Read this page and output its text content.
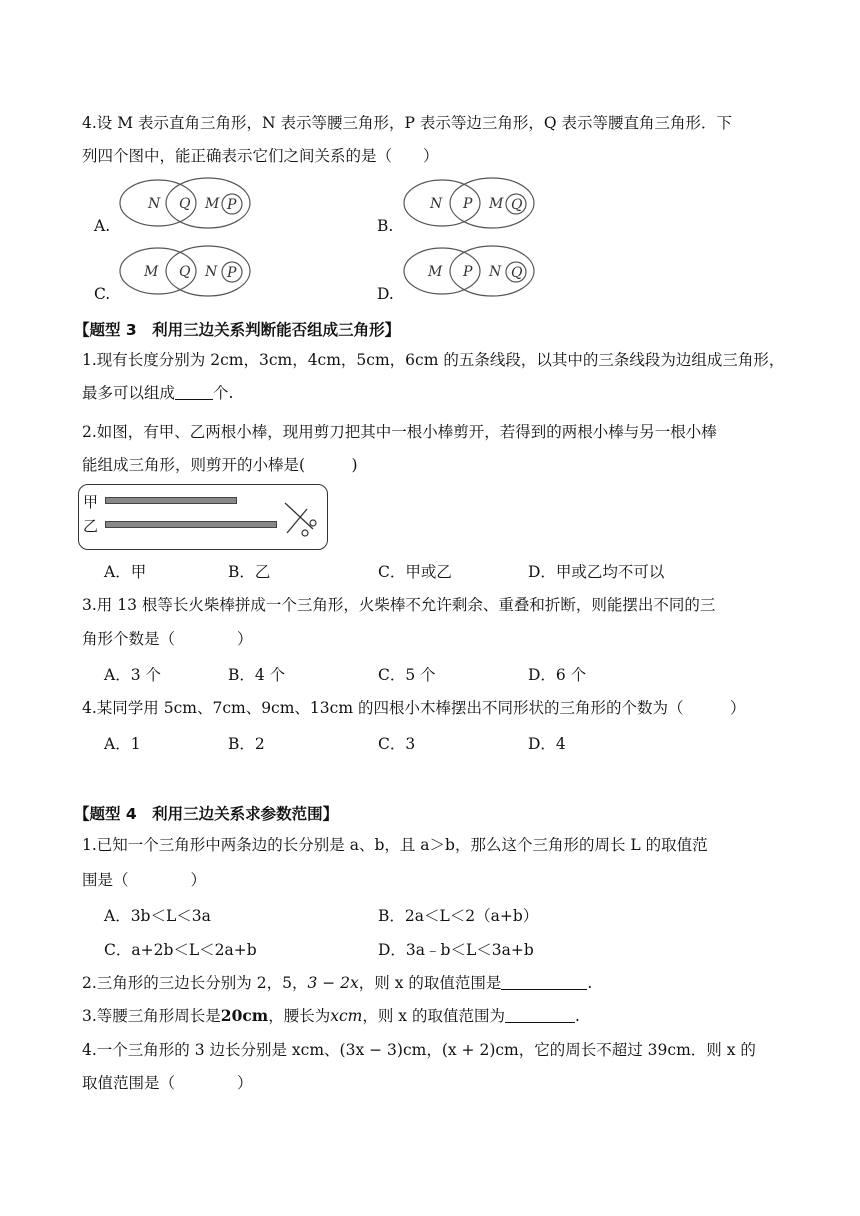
4.设 M 表示直角三角形，N 表示等腰三角形，P 表示等边三角形，Q 表示等腰直角三角形．下
列四个图中，能正确表示它们之间关系的是（　　）
A.	B.
C.	D.
N Q M P	N P M Q
M Q N P	M P N Q
【题型 3　利用三边关系判断能否组成三角形】
1.现有长度分别为 2cm，3cm，4cm，5cm，6cm 的五条线段，以其中的三条线段为边组成三角形，
最多可以组成 个.
2.如图，有甲、乙两根小棒，现用剪刀把其中一根小棒剪开，若得到的两根小棒与另一根小棒
能组成三角形，则剪开的小棒是(　　　)
甲
乙
A．甲	B．乙	C．甲或乙	D．甲或乙均不可以
3.用 13 根等长火柴棒拼成一个三角形，火柴棒不允许剩余、重叠和折断，则能摆出不同的三
角形个数是（　　　　）
A．3 个	B．4 个	C．5 个	D．6 个
4.某同学用 5cm、7cm、9cm、13cm 的四根小木棒摆出不同形状的三角形的个数为（　　　）
A．1	B．2	C．3	D．4
【题型 4　利用三边关系求参数范围】
1.已知一个三角形中两条边的长分别是 a、b，且 a＞b，那么这个三角形的周长 L 的取值范
围是（　　　　）
A．3b＜L＜3a	B．2a＜L＜2（a+b）
C．a+2b＜L＜2a+b	D．3a﹣b＜L＜3a+b
2.三角形的三边长分别为 2，5，3 − 2x，则 x 的取值范围是	.
3.等腰三角形周长是20cm，腰长为xcm，则 x 的取值范围为	.
4.一个三角形的 3 边长分别是 xcm、(3x − 3)cm，(x + 2)cm，它的周长不超过 39cm．则 x 的
取值范围是（　　　　）
